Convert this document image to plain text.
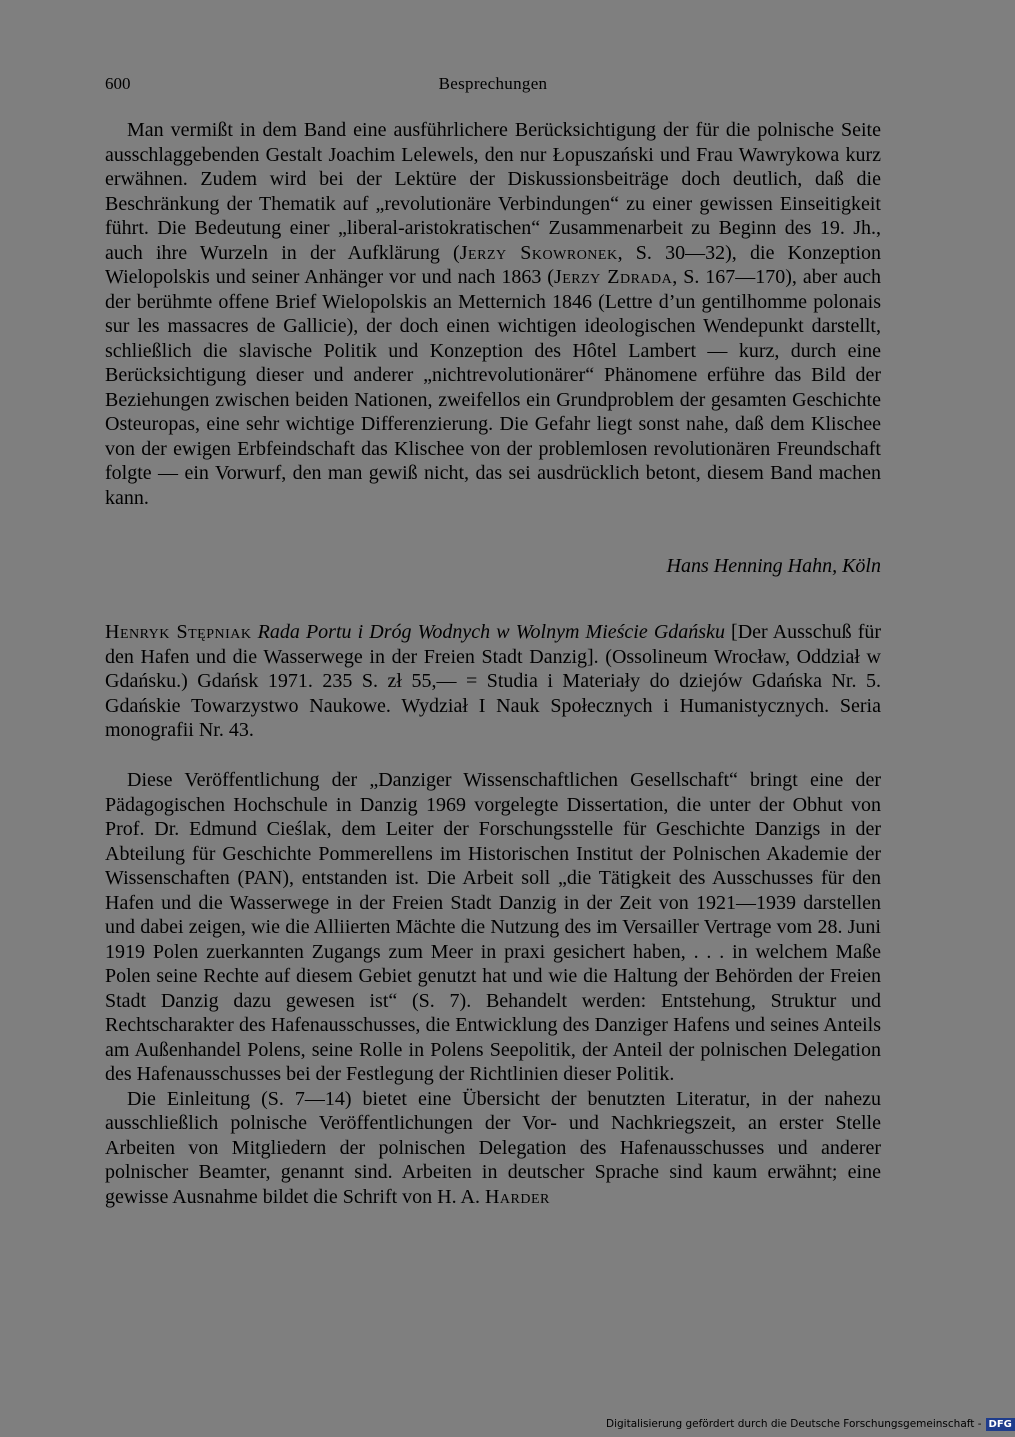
600	Besprechungen

Man vermißt in dem Band eine ausführlichere Berücksichtigung der für die polnische Seite ausschlaggebenden Gestalt Joachim Lelewels, den nur Łopuszański und Frau Wawrykowa kurz erwähnen. Zudem wird bei der Lektüre der Diskussionsbeiträge doch deutlich, daß die Beschränkung der Thematik auf „revolutionäre Verbindungen“ zu einer gewissen Einseitigkeit führt. Die Bedeutung einer „liberal-aristokratischen“ Zusammenarbeit zu Beginn des 19. Jh., auch ihre Wurzeln in der Aufklärung (Jerzy Skowronek, S. 30—32), die Konzeption Wielopolskis und seiner Anhänger vor und nach 1863 (Jerzy Zdrada, S. 167—170), aber auch der berühmte offene Brief Wielopolskis an Metternich 1846 (Lettre d’un gentilhomme polonais sur les massacres de Gallicie), der doch einen wichtigen ideologischen Wendepunkt darstellt, schließlich die slavische Politik und Konzeption des Hôtel Lambert — kurz, durch eine Berücksichtigung dieser und anderer „nichtrevolutionärer“ Phänomene erführe das Bild der Beziehungen zwischen beiden Nationen, zweifellos ein Grundproblem der gesamten Geschichte Osteuropas, eine sehr wichtige Differenzierung. Die Gefahr liegt sonst nahe, daß dem Klischee von der ewigen Erbfeindschaft das Klischee von der problemlosen revolutionären Freundschaft folgte — ein Vorwurf, den man gewiß nicht, das sei ausdrücklich betont, diesem Band machen kann.

Hans Henning Hahn, Köln
Henryk Stępniak Rada Portu i Dróg Wodnych w Wolnym Mieście Gdańsku [Der Ausschuß für den Hafen und die Wasserwege in der Freien Stadt Danzig]. (Ossolineum Wrocław, Oddział w Gdańsku.) Gdańsk 1971. 235 S. zł 55,— = Studia i Materiały do dziejów Gdańska Nr. 5. Gdańskie Towarzystwo Naukowe. Wydział I Nauk Społecznych i Humanistycznych. Seria monografii Nr. 43.

Diese Veröffentlichung der „Danziger Wissenschaftlichen Gesellschaft“ bringt eine der Pädagogischen Hochschule in Danzig 1969 vorgelegte Dissertation, die unter der Obhut von Prof. Dr. Edmund Cieślak, dem Leiter der Forschungsstelle für Geschichte Danzigs in der Abteilung für Geschichte Pommerellens im Historischen Institut der Polnischen Akademie der Wissenschaften (PAN), entstanden ist. Die Arbeit soll „die Tätigkeit des Ausschusses für den Hafen und die Wasserwege in der Freien Stadt Danzig in der Zeit von 1921—1939 darstellen und dabei zeigen, wie die Alliierten Mächte die Nutzung des im Versailler Vertrage vom 28. Juni 1919 Polen zuerkannten Zugangs zum Meer in praxi gesichert haben, . . . in welchem Maße Polen seine Rechte auf diesem Gebiet genutzt hat und wie die Haltung der Behörden der Freien Stadt Danzig dazu gewesen ist“ (S. 7). Behandelt werden: Entstehung, Struktur und Rechtscharakter des Hafenausschusses, die Entwicklung des Danziger Hafens und seines Anteils am Außenhandel Polens, seine Rolle in Polens Seepolitik, der Anteil der polnischen Delegation des Hafenausschusses bei der Festlegung der Richtlinien dieser Politik.

Die Einleitung (S. 7—14) bietet eine Übersicht der benutzten Literatur, in der nahezu ausschließlich polnische Veröffentlichungen der Vor- und Nachkriegszeit, an erster Stelle Arbeiten von Mitgliedern der polnischen Delegation des Hafenausschusses und anderer polnischer Beamter, genannt sind. Arbeiten in deutscher Sprache sind kaum erwähnt; eine gewisse Ausnahme bildet die Schrift von H. A. Harder

Digitalisierung gefördert durch die Deutsche Forschungsgemeinschaft - DFG
